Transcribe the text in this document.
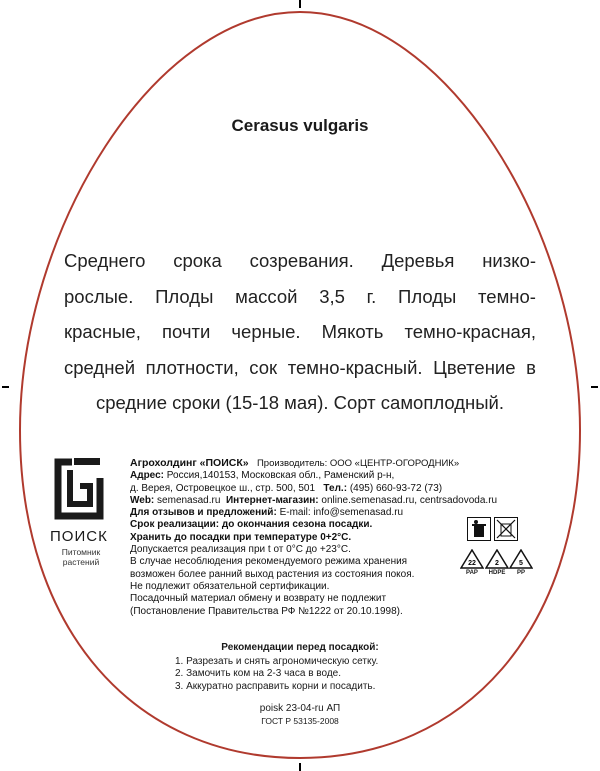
Cerasus vulgaris
Среднего срока созревания. Деревья низко-
рослые. Плоды массой 3,5 г. Плоды темно-
красные, почти черные. Мякоть темно-красная,
средней плотности, сок темно-красный. Цветение в
средние сроки (15-18 мая). Сорт самоплодный.
ПОИСК
Питомник
растений
Агрохолдинг «ПОИСК» Производитель: ООО «ЦЕНТР-ОГОРОДНИК»
Адрес: Россия,140153, Московская обл., Раменский р-н,
д. Верея, Островецкое ш., стр. 500, 501 Тел.: (495) 660-93-72 (73)
Web: semenasad.ru Интернет-магазин: online.semenasad.ru, centrsadovoda.ru
Для отзывов и предложений: E-mail: info@semenasad.ru
Срок реализации: до окончания сезона посадки.
Хранить до посадки при температуре 0+2°С.
Допускается реализация при t от 0°С до +23°С.
В случае несоблюдения рекомендуемого режима хранения
возможен более ранний выход растения из состояния покоя.
Не подлежит обязательной сертификации.
Посадочный материал обмену и возврату не подлежит
(Постановление Правительства РФ №1222 от 20.10.1998).
Рекомендации перед посадкой:
1. Разрезать и снять агрономическую сетку.
2. Замочить ком на 2-3 часа в воде.
3. Аккуратно расправить корни и посадить.
poisk 23-04-ru АП
ГОСТ Р 53135-2008
22	2	5
PAP	HDPE	PP
